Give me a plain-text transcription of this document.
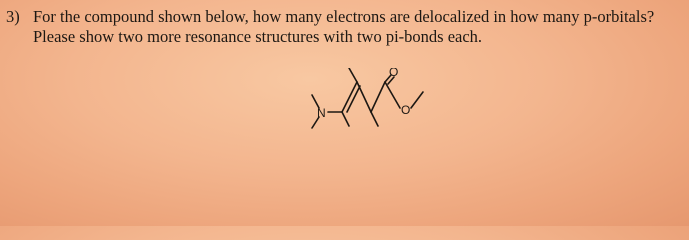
3) For the compound shown below, how many electrons are delocalized in how many p-orbitals?
Please show two more resonance structures with two pi-bonds each.
N
O
O
